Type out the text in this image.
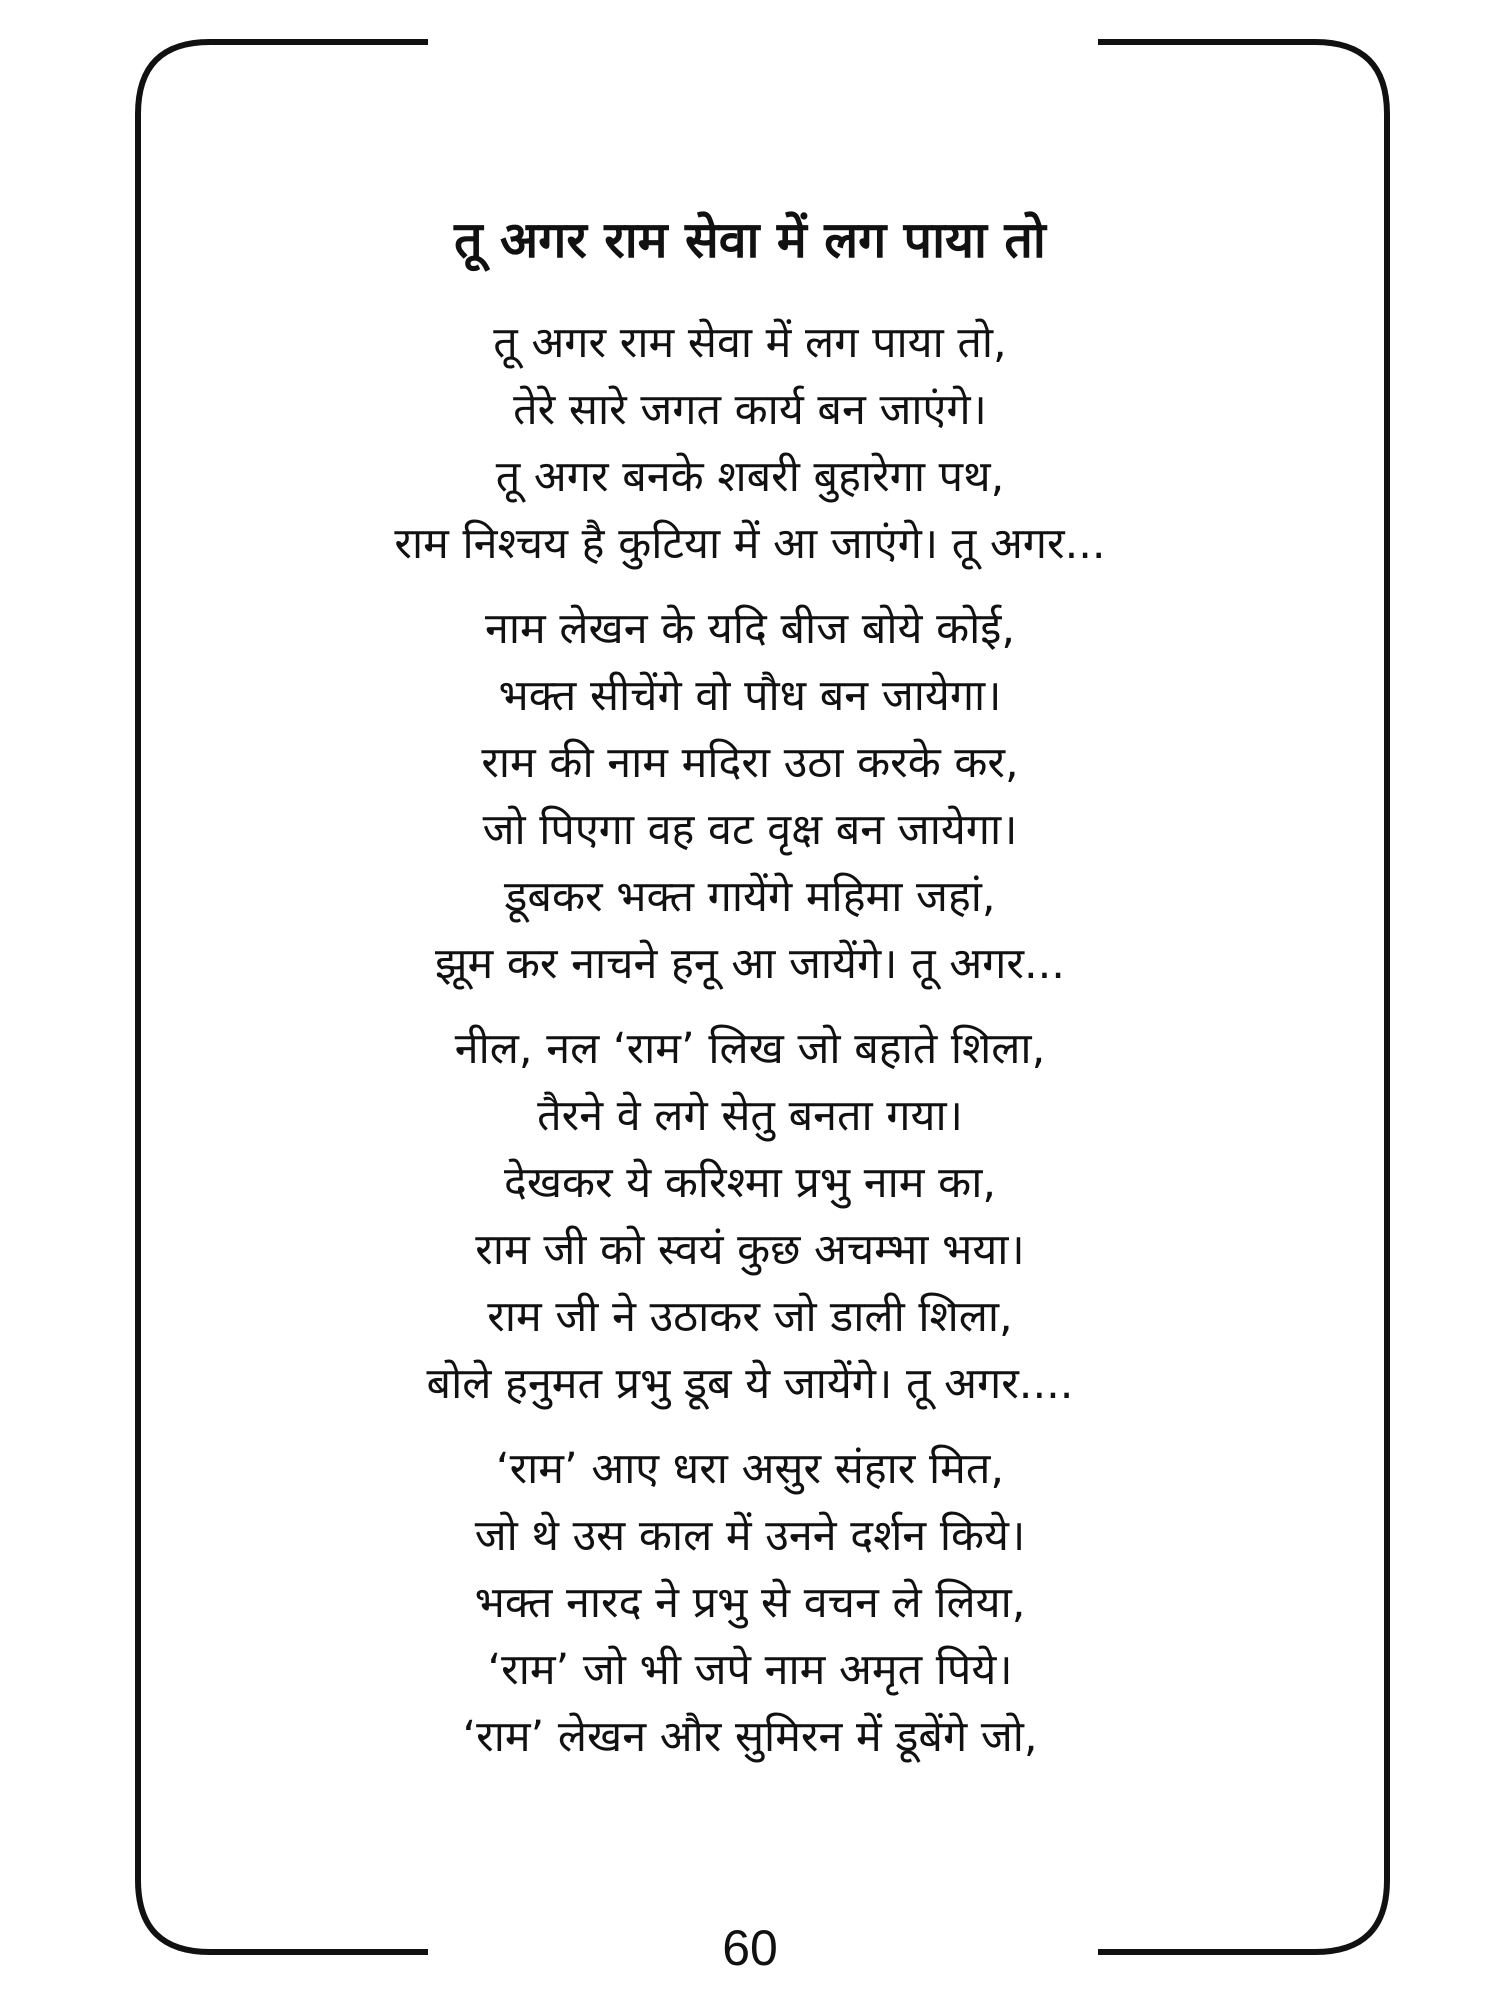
तू अगर राम सेवा में लग पाया तो
तू अगर राम सेवा में लग पाया तो,
तेरे सारे जगत कार्य बन जाएंगे।
तू अगर बनके शबरी बुहारेगा पथ,
राम निश्चय है कुटिया में आ जाएंगे। तू अगर...
नाम लेखन के यदि बीज बोये कोई,
भक्त सीचेंगे वो पौध बन जायेगा।
राम की नाम मदिरा उठा करके कर,
जो पिएगा वह वट वृक्ष बन जायेगा।
डूबकर भक्त गायेंगे महिमा जहां,
झूम कर नाचने हनू आ जायेंगे। तू अगर...
नील, नल ‘राम’ लिख जो बहाते शिला,
तैरने वे लगे सेतु बनता गया।
देखकर ये करिश्मा प्रभु नाम का,
राम जी को स्वयं कुछ अचम्भा भया।
राम जी ने उठाकर जो डाली शिला,
बोले हनुमत प्रभु डूब ये जायेंगे। तू अगर....
‘राम’ आए धरा असुर संहार मित,
जो थे उस काल में उनने दर्शन किये।
भक्त नारद ने प्रभु से वचन ले लिया,
‘राम’ जो भी जपे नाम अमृत पिये।
‘राम’ लेखन और सुमिरन में डूबेंगे जो,
60
